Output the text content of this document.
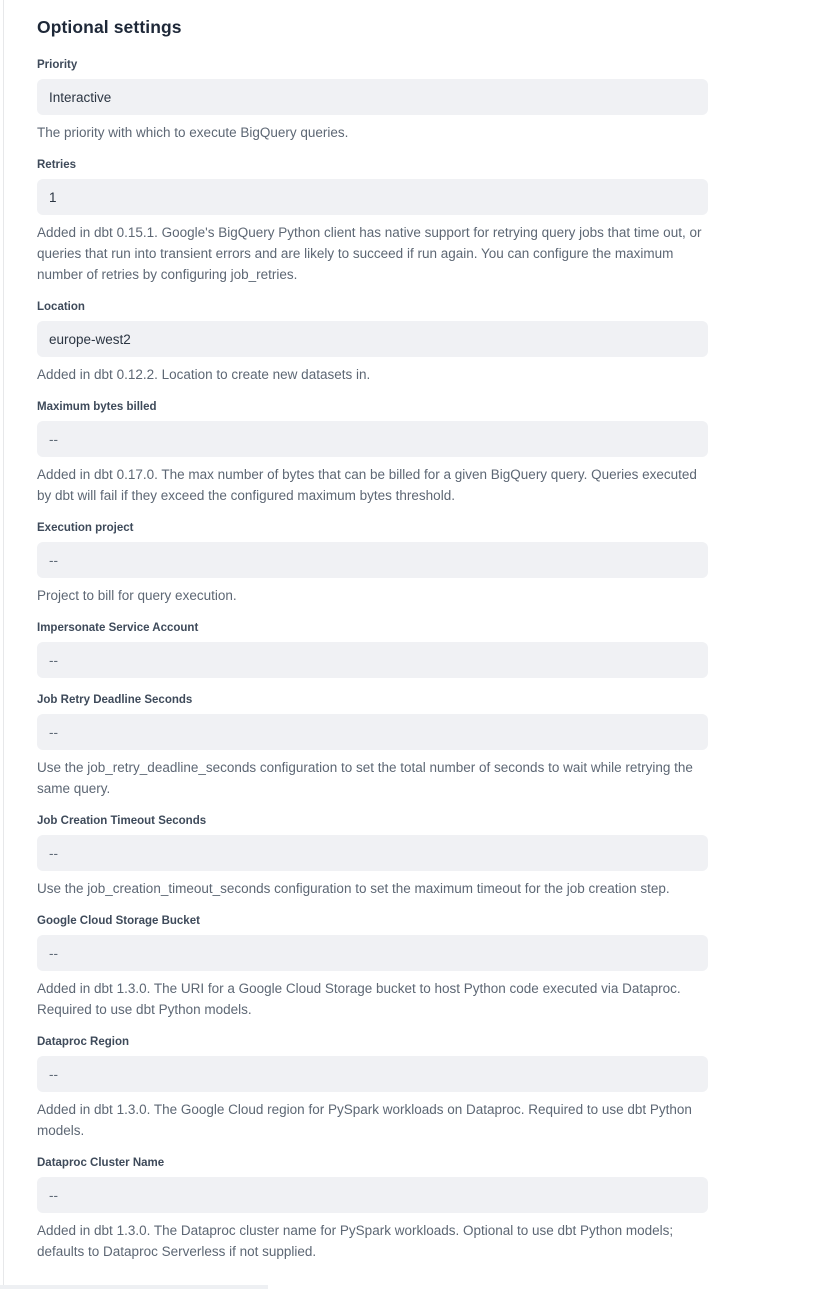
Optional settings
Priority
Interactive

The priority with which to execute BigQuery queries.

Retries
1

Added in dbt 0.15.1. Google's BigQuery Python client has native support for retrying query jobs that time out, or queries that run into transient errors and are likely to succeed if run again. You can configure the maximum number of retries by configuring job_retries.

Location
europe-west2

Added in dbt 0.12.2. Location to create new datasets in.

Maximum bytes billed
--

Added in dbt 0.17.0. The max number of bytes that can be billed for a given BigQuery query. Queries executed by dbt will fail if they exceed the configured maximum bytes threshold.

Execution project
--

Project to bill for query execution.

Impersonate Service Account
--
Job Retry Deadline Seconds
--

Use the job_retry_deadline_seconds configuration to set the total number of seconds to wait while retrying the same query.

Job Creation Timeout Seconds
--

Use the job_creation_timeout_seconds configuration to set the maximum timeout for the job creation step.

Google Cloud Storage Bucket
--

Added in dbt 1.3.0. The URI for a Google Cloud Storage bucket to host Python code executed via Dataproc. Required to use dbt Python models.

Dataproc Region
--

Added in dbt 1.3.0. The Google Cloud region for PySpark workloads on Dataproc. Required to use dbt Python models.

Dataproc Cluster Name
--

Added in dbt 1.3.0. The Dataproc cluster name for PySpark workloads. Optional to use dbt Python models; defaults to Dataproc Serverless if not supplied.
